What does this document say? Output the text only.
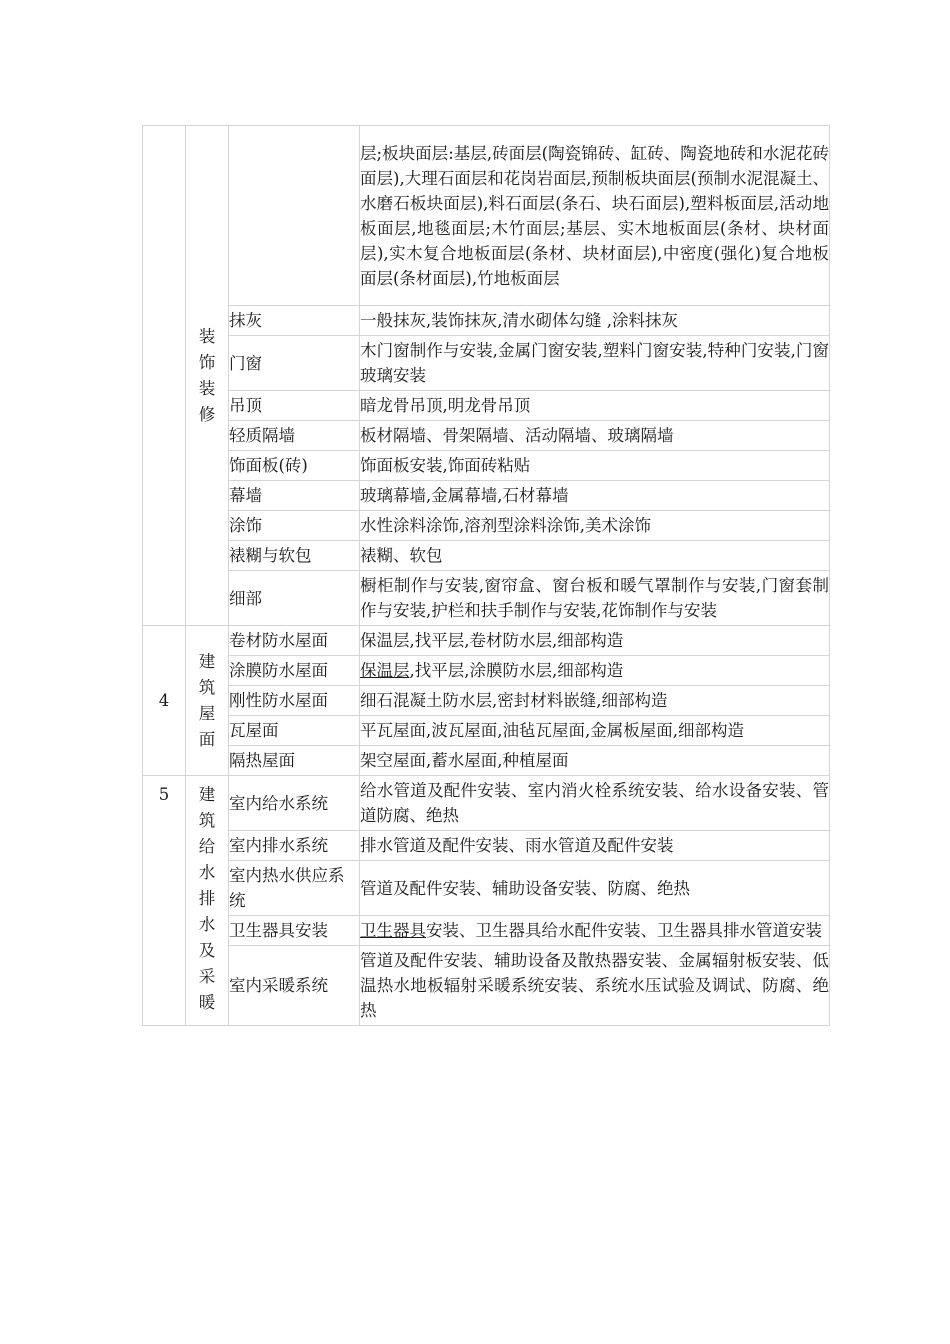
	装饰装修		层;板块面层:基层,砖面层(陶瓷锦砖、缸砖、陶瓷地砖和水泥花砖面层),大理石面层和花岗岩面层,预制板块面层(预制水泥混凝土、水磨石板块面层),料石面层(条石、块石面层),塑料板面层,活动地板面层,地毯面层;木竹面层;基层、实木地板面层(条材、块材面层),实木复合地板面层(条材、块材面层),中密度(强化)复合地板面层(条材面层),竹地板面层
		抹灰	一般抹灰,装饰抹灰,清水砌体勾缝 ,涂料抹灰
		门窗	木门窗制作与安装,金属门窗安装,塑料门窗安装,特种门安装,门窗玻璃安装
		吊顶	暗龙骨吊顶,明龙骨吊顶
		轻质隔墙	板材隔墙、骨架隔墙、活动隔墙、玻璃隔墙
		饰面板(砖)	饰面板安装,饰面砖粘贴
		幕墙	玻璃幕墙,金属幕墙,石材幕墙
		涂饰	水性涂料涂饰,溶剂型涂料涂饰,美术涂饰
		裱糊与软包	裱糊、软包
		细部	橱柜制作与安装,窗帘盒、窗台板和暖气罩制作与安装,门窗套制作与安装,护栏和扶手制作与安装,花饰制作与安装
4	建筑屋面	卷材防水屋面	保温层,找平层,卷材防水层,细部构造
		涂膜防水屋面	保温层,找平层,涂膜防水层,细部构造
		刚性防水屋面	细石混凝土防水层,密封材料嵌缝,细部构造
		瓦屋面	平瓦屋面,波瓦屋面,油毡瓦屋面,金属板屋面,细部构造
		隔热屋面	架空屋面,蓄水屋面,种植屋面
5	建筑给水排水及采暖	室内给水系统	给水管道及配件安装、室内消火栓系统安装、给水设备安装、管道防腐、绝热
		室内排水系统	排水管道及配件安装、雨水管道及配件安装
		室内热水供应系统	管道及配件安装、辅助设备安装、防腐、绝热
		卫生器具安装	卫生器具安装、卫生器具给水配件安装、卫生器具排水管道安装
		室内采暖系统	管道及配件安装、辅助设备及散热器安装、金属辐射板安装、低温热水地板辐射采暖系统安装、系统水压试验及调试、防腐、绝热
